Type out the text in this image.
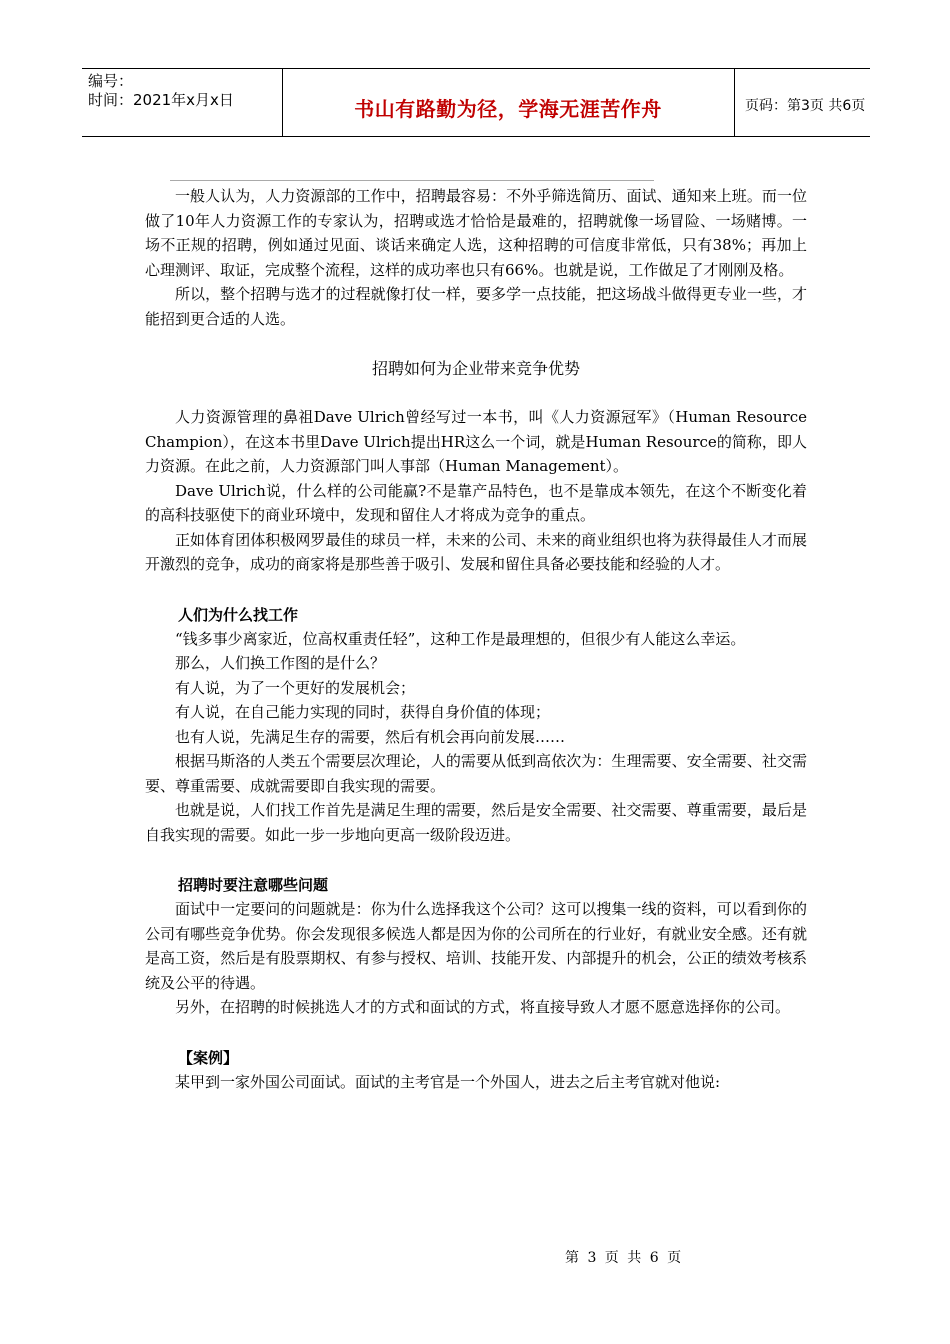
编号：
时间：2021年x月x日	书山有路勤为径，学海无涯苦作舟	页码：第3页 共6页

一般人认为，人力资源部的工作中，招聘最容易：不外乎筛选简历、面试、通知来上班。而一位做了10年人力资源工作的专家认为，招聘或选才恰恰是最难的，招聘就像一场冒险、一场赌博。一场不正规的招聘，例如通过见面、谈话来确定人选，这种招聘的可信度非常低，只有38%；再加上心理测评、取证，完成整个流程，这样的成功率也只有66%。也就是说，工作做足了才刚刚及格。

所以，整个招聘与选才的过程就像打仗一样，要多学一点技能，把这场战斗做得更专业一些，才能招到更合适的人选。

招聘如何为企业带来竞争优势

人力资源管理的鼻祖Dave Ulrich曾经写过一本书，叫《人力资源冠军》（Human Resource Champion），在这本书里Dave Ulrich提出HR这么一个词，就是Human Resource的简称，即人力资源。在此之前，人力资源部门叫人事部（Human Management）。

Dave Ulrich说，什么样的公司能赢?不是靠产品特色，也不是靠成本领先，在这个不断变化着的高科技驱使下的商业环境中，发现和留住人才将成为竞争的重点。

正如体育团体积极网罗最佳的球员一样，未来的公司、未来的商业组织也将为获得最佳人才而展开激烈的竞争，成功的商家将是那些善于吸引、发展和留住具备必要技能和经验的人才。

人们为什么找工作

“钱多事少离家近，位高权重责任轻”，这种工作是最理想的，但很少有人能这么幸运。

那么，人们换工作图的是什么？

有人说，为了一个更好的发展机会；

有人说，在自己能力实现的同时，获得自身价值的体现；

也有人说，先满足生存的需要，然后有机会再向前发展……

根据马斯洛的人类五个需要层次理论，人的需要从低到高依次为：生理需要、安全需要、社交需要、尊重需要、成就需要即自我实现的需要。

也就是说，人们找工作首先是满足生理的需要，然后是安全需要、社交需要、尊重需要，最后是自我实现的需要。如此一步一步地向更高一级阶段迈进。

招聘时要注意哪些问题

面试中一定要问的问题就是：你为什么选择我这个公司？这可以搜集一线的资料，可以看到你的公司有哪些竞争优势。你会发现很多候选人都是因为你的公司所在的行业好，有就业安全感。还有就是高工资，然后是有股票期权、有参与授权、培训、技能开发、内部提升的机会，公正的绩效考核系统及公平的待遇。

另外，在招聘的时候挑选人才的方式和面试的方式，将直接导致人才愿不愿意选择你的公司。

【案例】

某甲到一家外国公司面试。面试的主考官是一个外国人，进去之后主考官就对他说:

第 3 页 共 6 页
